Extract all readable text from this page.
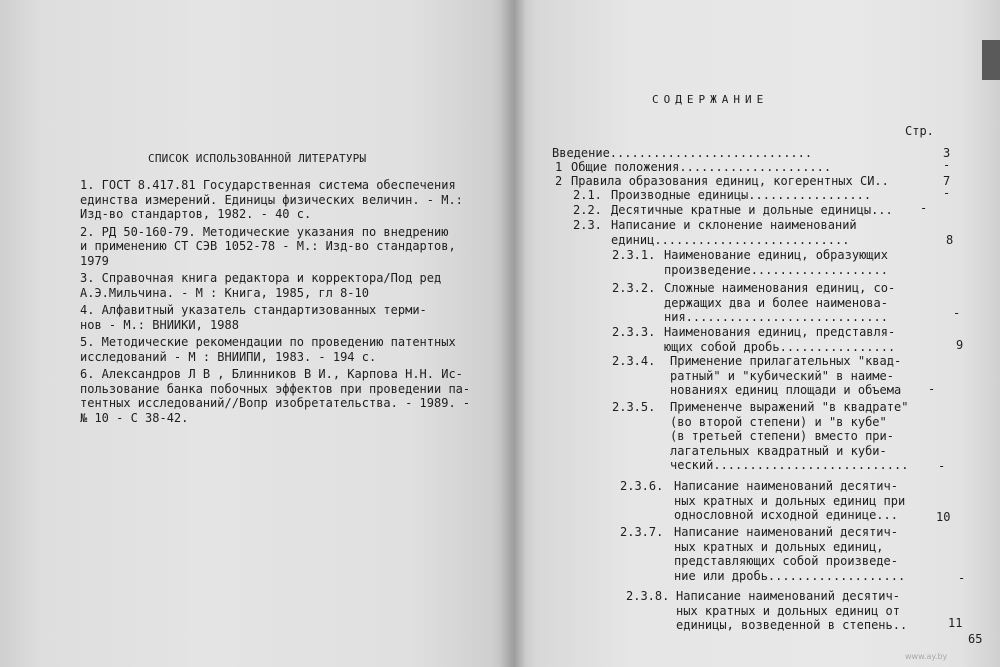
СПИСОК ИСПОЛЬЗОВАННОЙ ЛИТЕРАТУРЫ
1. ГОСТ 8.417.81 Государственная система обеспечения
единства измерений. Единицы физических величин. - М.:
Изд-во стандартов, 1982. - 40 с.
2. РД 50-160-79. Методические указания по внедрению
и применению СТ СЭВ 1052-78 - М.: Изд-во стандартов,
1979
3. Справочная книга редактора и корректора/Под ред
А.Э.Мильчина. - М : Книга, 1985, гл 8-10
4. Алфавитный указатель стандартизованных терми-
нов - М.: ВНИИКИ, 1988
5. Методические рекомендации по проведению патентных
исследований - М : ВНИИПИ, 1983. - 194 с.
6. Александров Л В , Блинников В И., Карпова Н.Н. Ис-
пользование банка побочных эффектов при проведении па-
тентных исследований//Вопр изобретательства. - 1989. -
№ 10 - С 38-42.
СОДЕРЖАНИЕ
Стр.
Введение............................	3
1 Общие положения.....................	-
2 Правила образования единиц, когерентных СИ..	7
2.1. Производные единицы.................	-
2.2. Десятичные кратные и дольные единицы... -
2.3. Написание и склонение наименований
единиц...........................	8
2.3.1. Наименование единиц, образующих
произведение...................
2.3.2. Сложные наименования единиц, со-
держащих два и более наименова-
ния............................	-
2.3.3. Наименования единиц, представля-
ющих собой дробь................	9
2.3.4. Применение прилагательных "квад-
ратный" и "кубический" в наиме-
нованиях единиц площади и объема -
2.3.5. Примененче выражений "в квадрате"
(во второй степени) и "в кубе"
(в третьей степени) вместо при-
лагательных квадратный и куби-
ческий........................... -
2.3.6. Написание наименований десятич-
ных кратных и дольных единиц при
одноcловной исходной единице...	10
2.3.7. Написание наименований десятич-
ных кратных и дольных единиц,
представляющих собой произведе-
ние или дробь...................	-
2.3.8. Написание наименований десятич-
ных кратных и дольных единиц от
единицы, возведенной в степень..	11
65
www.ay.by
